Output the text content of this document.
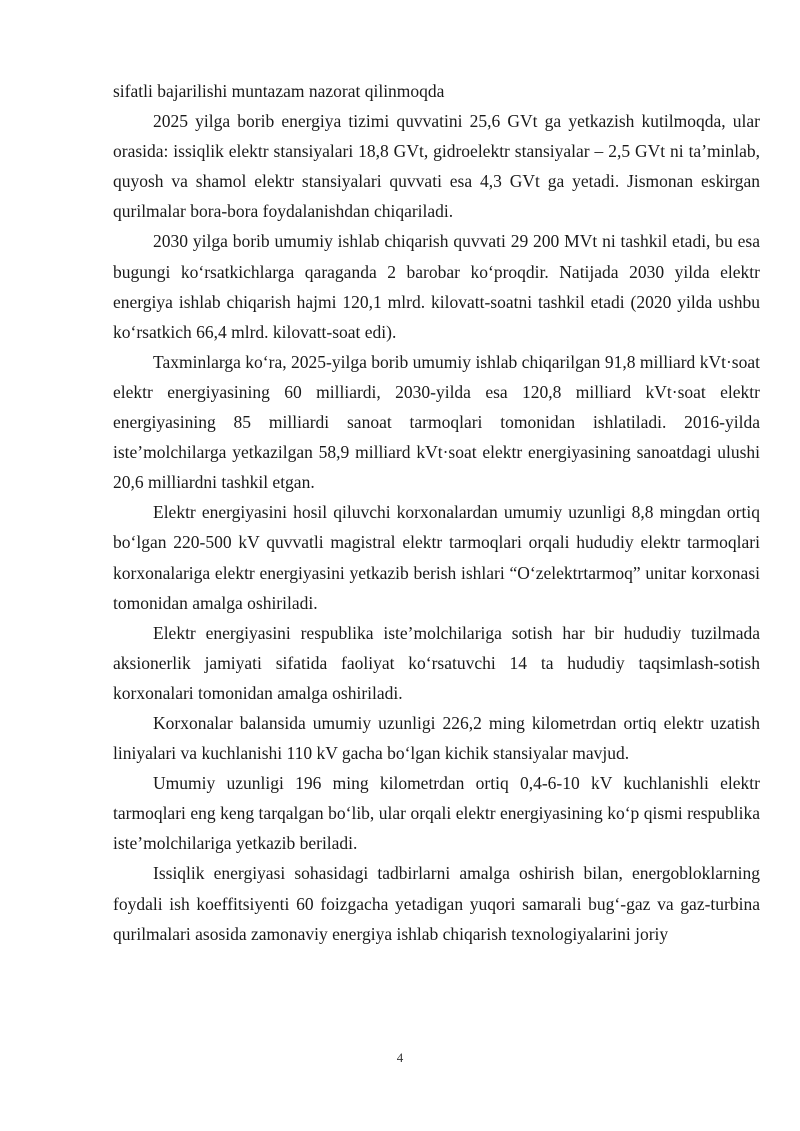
sifatli bajarilishi muntazam nazorat qilinmoqda

2025 yilga borib energiya tizimi quvvatini 25,6 GVt ga yetkazish kutilmoqda, ular orasida: issiqlik elektr stansiyalari 18,8 GVt, gidroelektr stansiyalar – 2,5 GVt ni ta’minlab, quyosh va shamol elektr stansiyalari quvvati esa 4,3 GVt ga yetadi. Jismonan eskirgan qurilmalar bora-bora foydalanishdan chiqariladi.

2030 yilga borib umumiy ishlab chiqarish quvvati 29 200 MVt ni tashkil etadi, bu esa bugungi ko‘rsatkichlarga qaraganda 2 barobar ko‘proqdir. Natijada 2030 yilda elektr energiya ishlab chiqarish hajmi 120,1 mlrd. kilovatt-soatni tashkil etadi (2020 yilda ushbu ko‘rsatkich 66,4 mlrd. kilovatt-soat edi).

Taxminlarga ko‘ra, 2025-yilga borib umumiy ishlab chiqarilgan 91,8 milliard kVt·soat elektr energiyasining 60 milliardi, 2030-yilda esa 120,8 milliard kVt·soat elektr energiyasining 85 milliardi sanoat tarmoqlari tomonidan ishlatiladi. 2016-yilda iste’molchilarga yetkazilgan 58,9 milliard kVt·soat elektr energiyasining sanoatdagi ulushi 20,6 milliardni tashkil etgan.

Elektr energiyasini hosil qiluvchi korxonalardan umumiy uzunligi 8,8 mingdan ortiq bo‘lgan 220-500 kV quvvatli magistral elektr tarmoqlari orqali hududiy elektr tarmoqlari korxonalariga elektr energiyasini yetkazib berish ishlari “O‘zelektrtarmoq” unitar korxonasi tomonidan amalga oshiriladi.

Elektr energiyasini respublika iste’molchilariga sotish har bir hududiy tuzilmada aksionerlik jamiyati sifatida faoliyat ko‘rsatuvchi 14 ta hududiy taqsimlash-sotish korxonalari tomonidan amalga oshiriladi.

Korxonalar balansida umumiy uzunligi 226,2 ming kilometrdan ortiq elektr uzatish liniyalari va kuchlanishi 110 kV gacha bo‘lgan kichik stansiyalar mavjud.

Umumiy uzunligi 196 ming kilometrdan ortiq 0,4-6-10 kV kuchlanishli elektr tarmoqlari eng keng tarqalgan bo‘lib, ular orqali elektr energiyasining ko‘p qismi respublika iste’molchilariga yetkazib beriladi.

Issiqlik energiyasi sohasidagi tadbirlarni amalga oshirish bilan, energobloklarning foydali ish koeffitsiyenti 60 foizgacha yetadigan yuqori samarali bug‘-gaz va gaz-turbina qurilmalari asosida zamonaviy energiya ishlab chiqarish texnologiyalarini joriy

4
